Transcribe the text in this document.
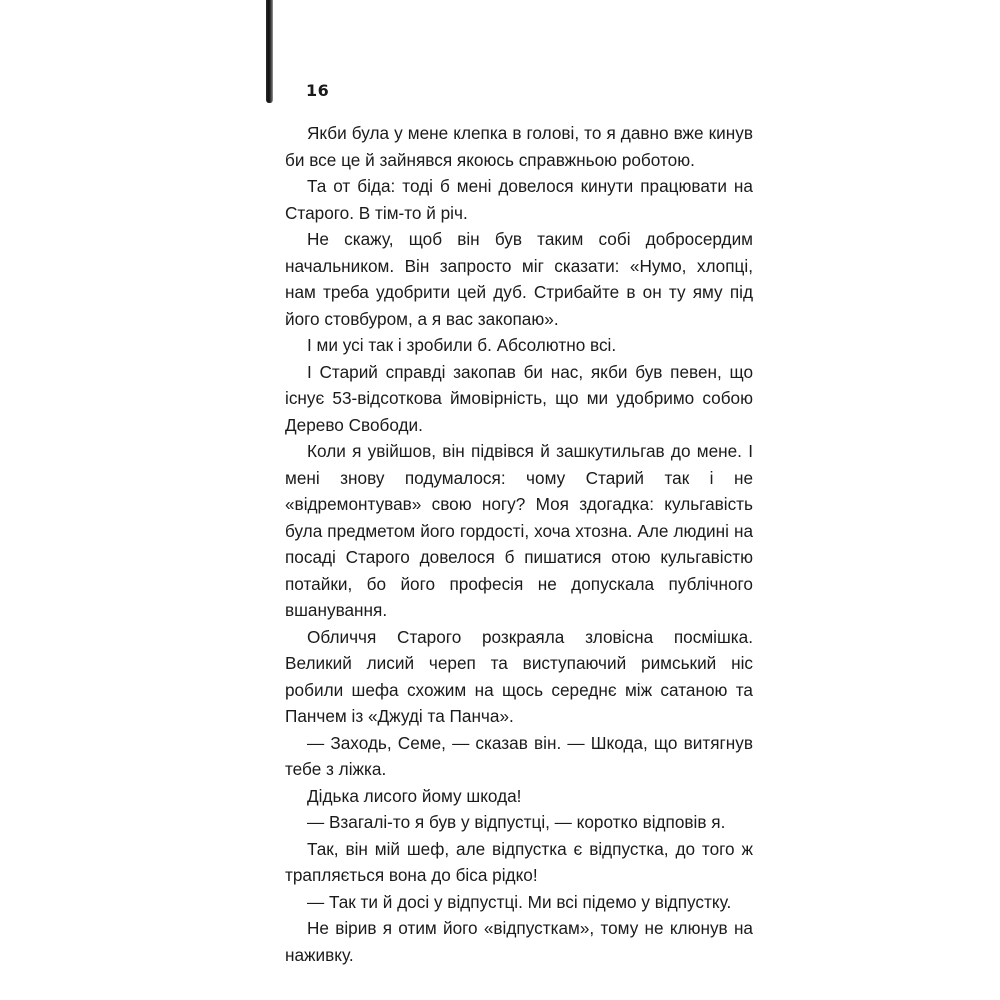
16

Якби була у мене клепка в голові, то я давно вже кинув би все це й зайнявся якоюсь справжньою роботою.

Та от біда: тоді б мені довелося кинути працювати на Старого. В тім-то й річ.

Не скажу, щоб він був таким собі добросердим начальником. Він запросто міг сказати: «Нумо, хлопці, нам треба удобрити цей дуб. Стрибайте в он ту яму під його стовбуром, а я вас закопаю».

І ми усі так і зробили б. Абсолютно всі.

І Старий справді закопав би нас, якби був певен, що існує 53-відсоткова ймовірність, що ми удобримо собою Дерево Свободи.

Коли я увійшов, він підвівся й зашкутильгав до мене. І мені знову подумалося: чому Старий так і не «відремонтував» свою ногу? Моя здогадка: кульгавість була предметом його гордості, хоча хтозна. Але людині на посаді Старого довелося б пишатися отою кульгавістю потайки, бо його професія не допускала публічного вшанування.

Обличчя Старого розкраяла зловісна посмішка. Великий лисий череп та виступаючий римський ніс робили шефа схожим на щось середнє між сатаною та Панчем із «Джуді та Панча».

— Заходь, Семе, — сказав він. — Шкода, що витягнув тебе з ліжка.

Дідька лисого йому шкода!

— Взагалі-то я був у відпустці, — коротко відповів я.

Так, він мій шеф, але відпустка є відпустка, до того ж трапляється вона до біса рідко!

— Так ти й досі у відпустці. Ми всі підемо у відпустку.

Не вірив я отим його «відпусткам», тому не клюнув на наживку.
